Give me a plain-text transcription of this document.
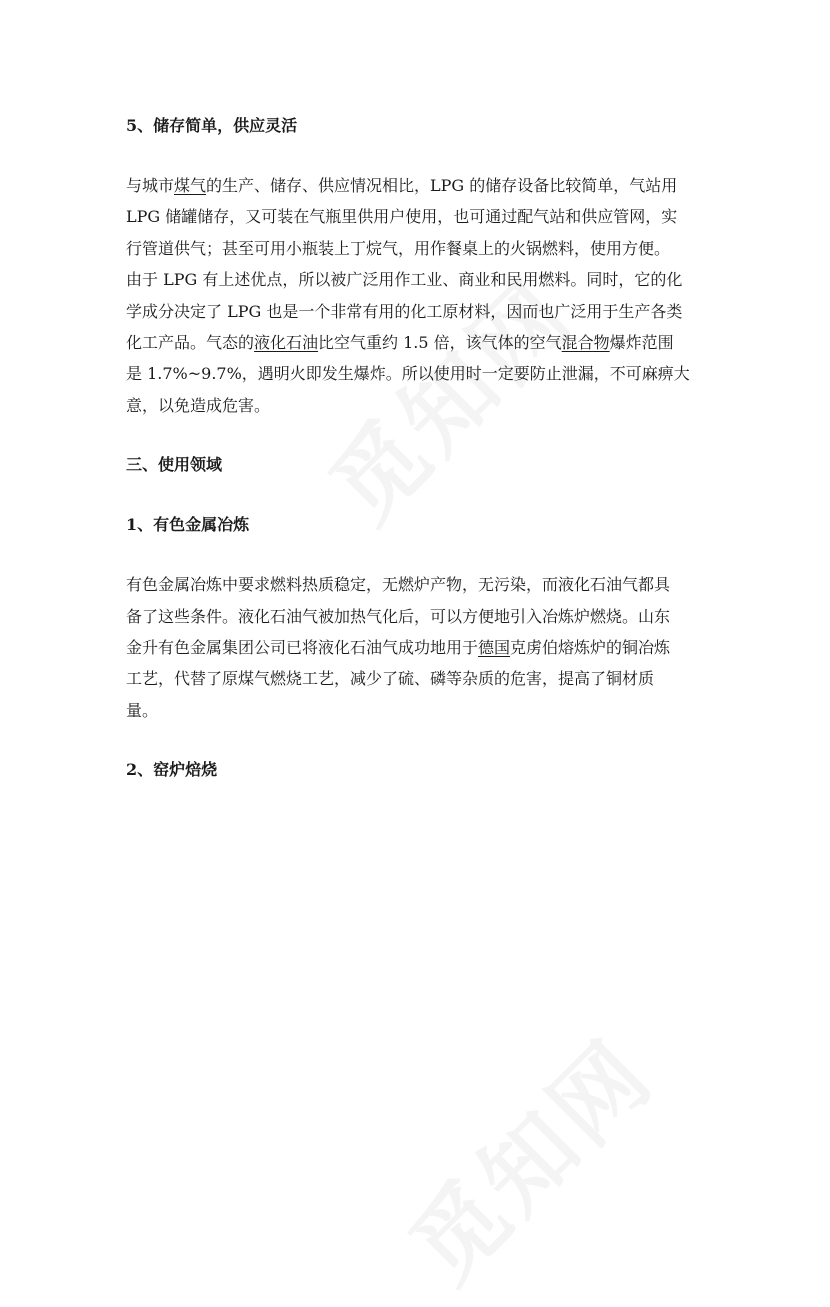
5、储存简单，供应灵活
与城市煤气的生产、储存、供应情况相比，LPG 的储存设备比较简单，气站用
LPG 储罐储存，又可装在气瓶里供用户使用，也可通过配气站和供应管网，实
行管道供气；甚至可用小瓶装上丁烷气，用作餐桌上的火锅燃料，使用方便。
由于 LPG 有上述优点，所以被广泛用作工业、商业和民用燃料。同时，它的化
学成分决定了 LPG 也是一个非常有用的化工原材料，因而也广泛用于生产各类
化工产品。气态的液化石油比空气重约 1.5 倍，该气体的空气混合物爆炸范围
是 1.7%~9.7%，遇明火即发生爆炸。所以使用时一定要防止泄漏，不可麻痹大
意，以免造成危害。
三、使用领域
1、有色金属冶炼
有色金属冶炼中要求燃料热质稳定，无燃炉产物，无污染，而液化石油气都具
备了这些条件。液化石油气被加热气化后，可以方便地引入冶炼炉燃烧。山东
金升有色金属集团公司已将液化石油气成功地用于德国克虏伯熔炼炉的铜冶炼
工艺，代替了原煤气燃烧工艺，减少了硫、磷等杂质的危害，提高了铜材质
量。
2、窑炉焙烧
